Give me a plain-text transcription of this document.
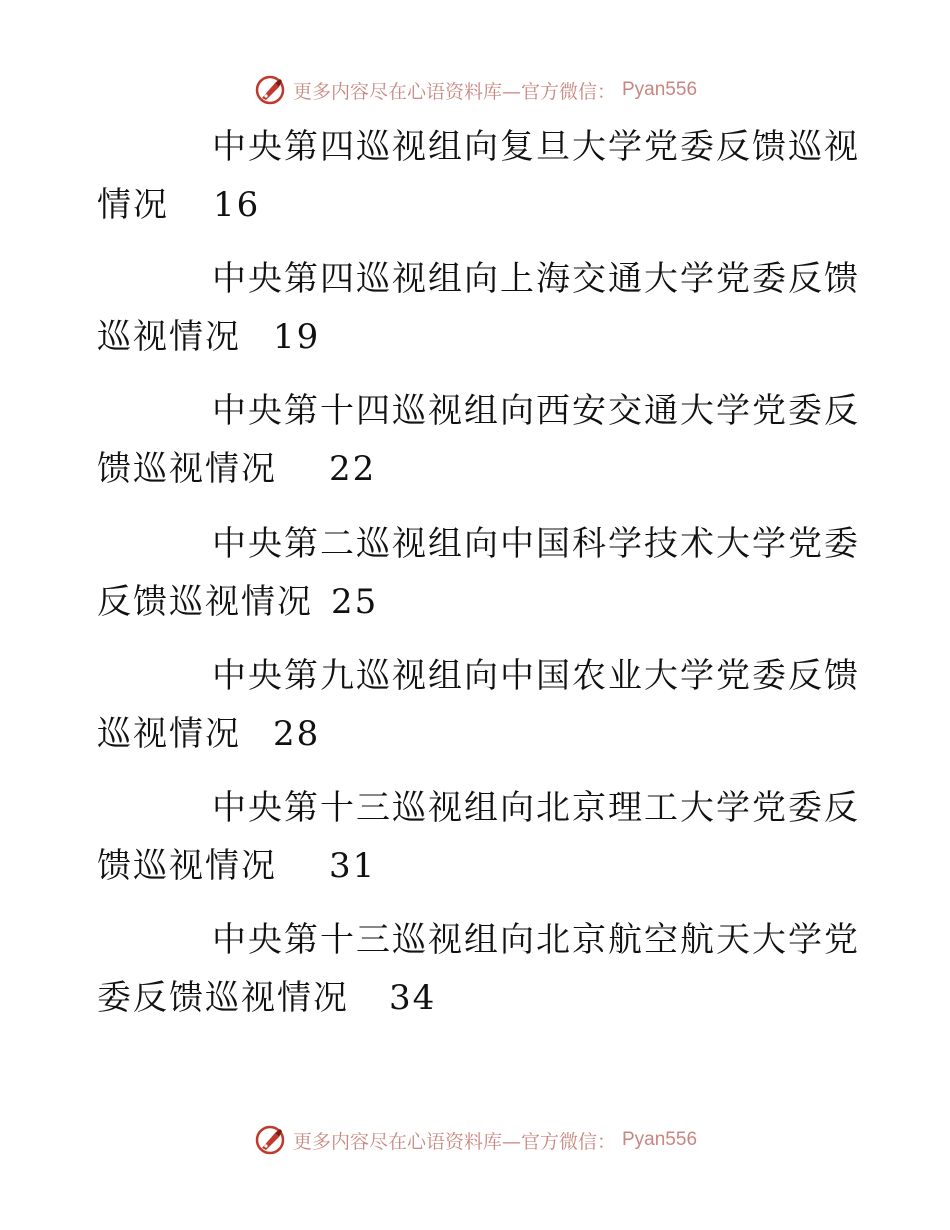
更多内容尽在心语资料库—官方微信： Pyan556
中央第四巡视组向复旦大学党委反馈巡视
情况 16
中央第四巡视组向上海交通大学党委反馈
巡视情况 19
中央第十四巡视组向西安交通大学党委反
馈巡视情况 22
中央第二巡视组向中国科学技术大学党委
反馈巡视情况 25
中央第九巡视组向中国农业大学党委反馈
巡视情况 28
中央第十三巡视组向北京理工大学党委反
馈巡视情况 31
中央第十三巡视组向北京航空航天大学党
委反馈巡视情况 34
更多内容尽在心语资料库—官方微信： Pyan556
